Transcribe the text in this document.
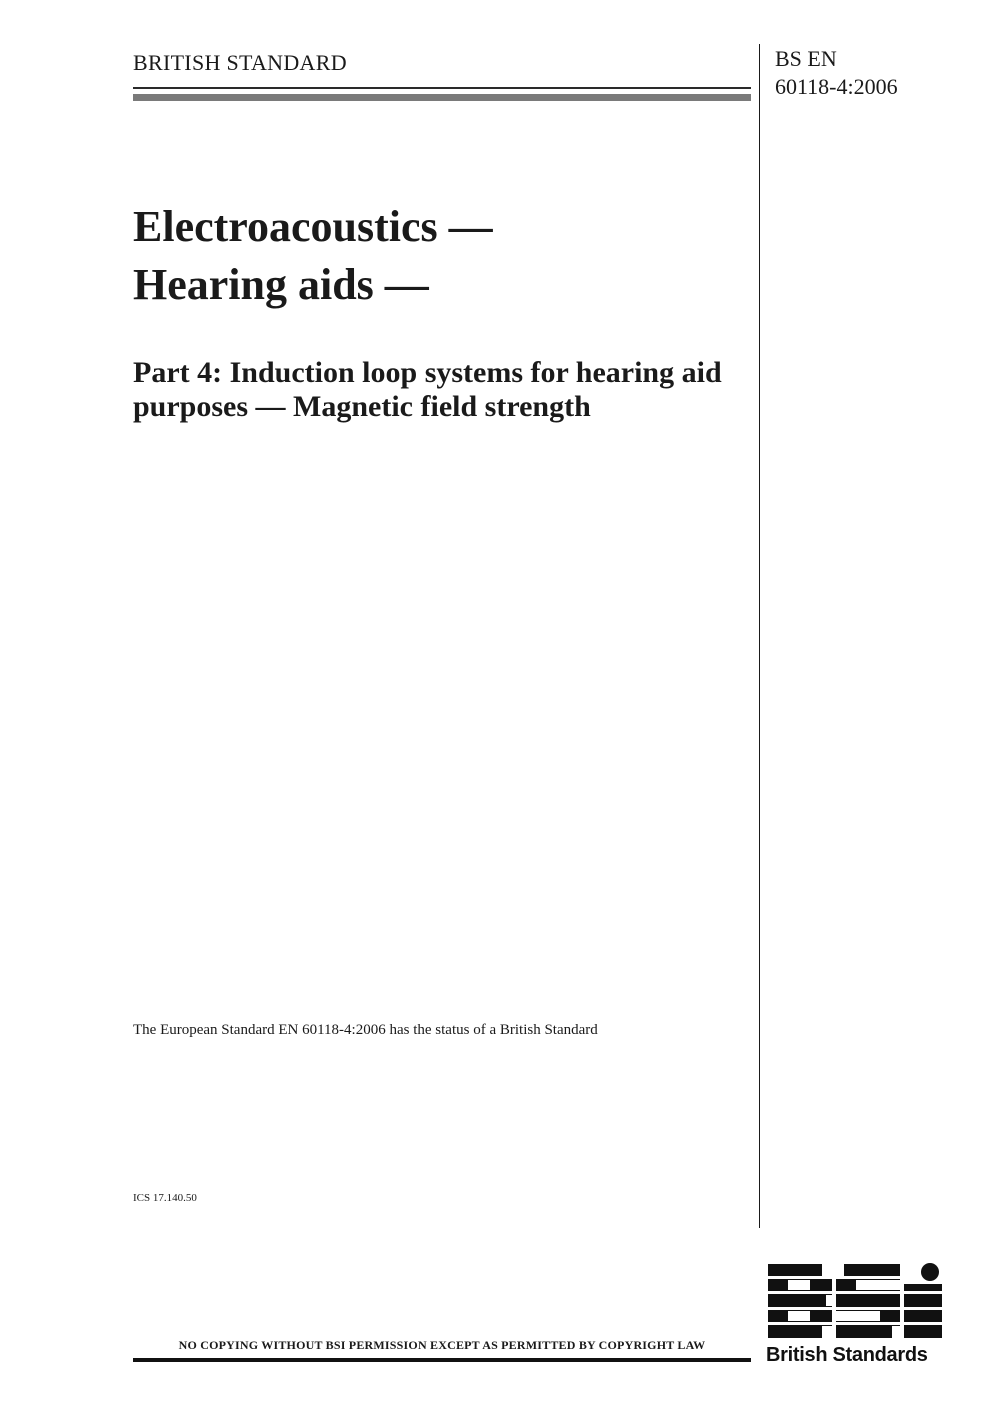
BRITISH STANDARD	BS EN
60118-4:2006
Electroacoustics —
Hearing aids —
Part 4: Induction loop systems for hearing aid purposes — Magnetic field strength
The European Standard EN 60118-4:2006 has the status of a British Standard
ICS 17.140.50
NO COPYING WITHOUT BSI PERMISSION EXCEPT AS PERMITTED BY COPYRIGHT LAW	British Standards
